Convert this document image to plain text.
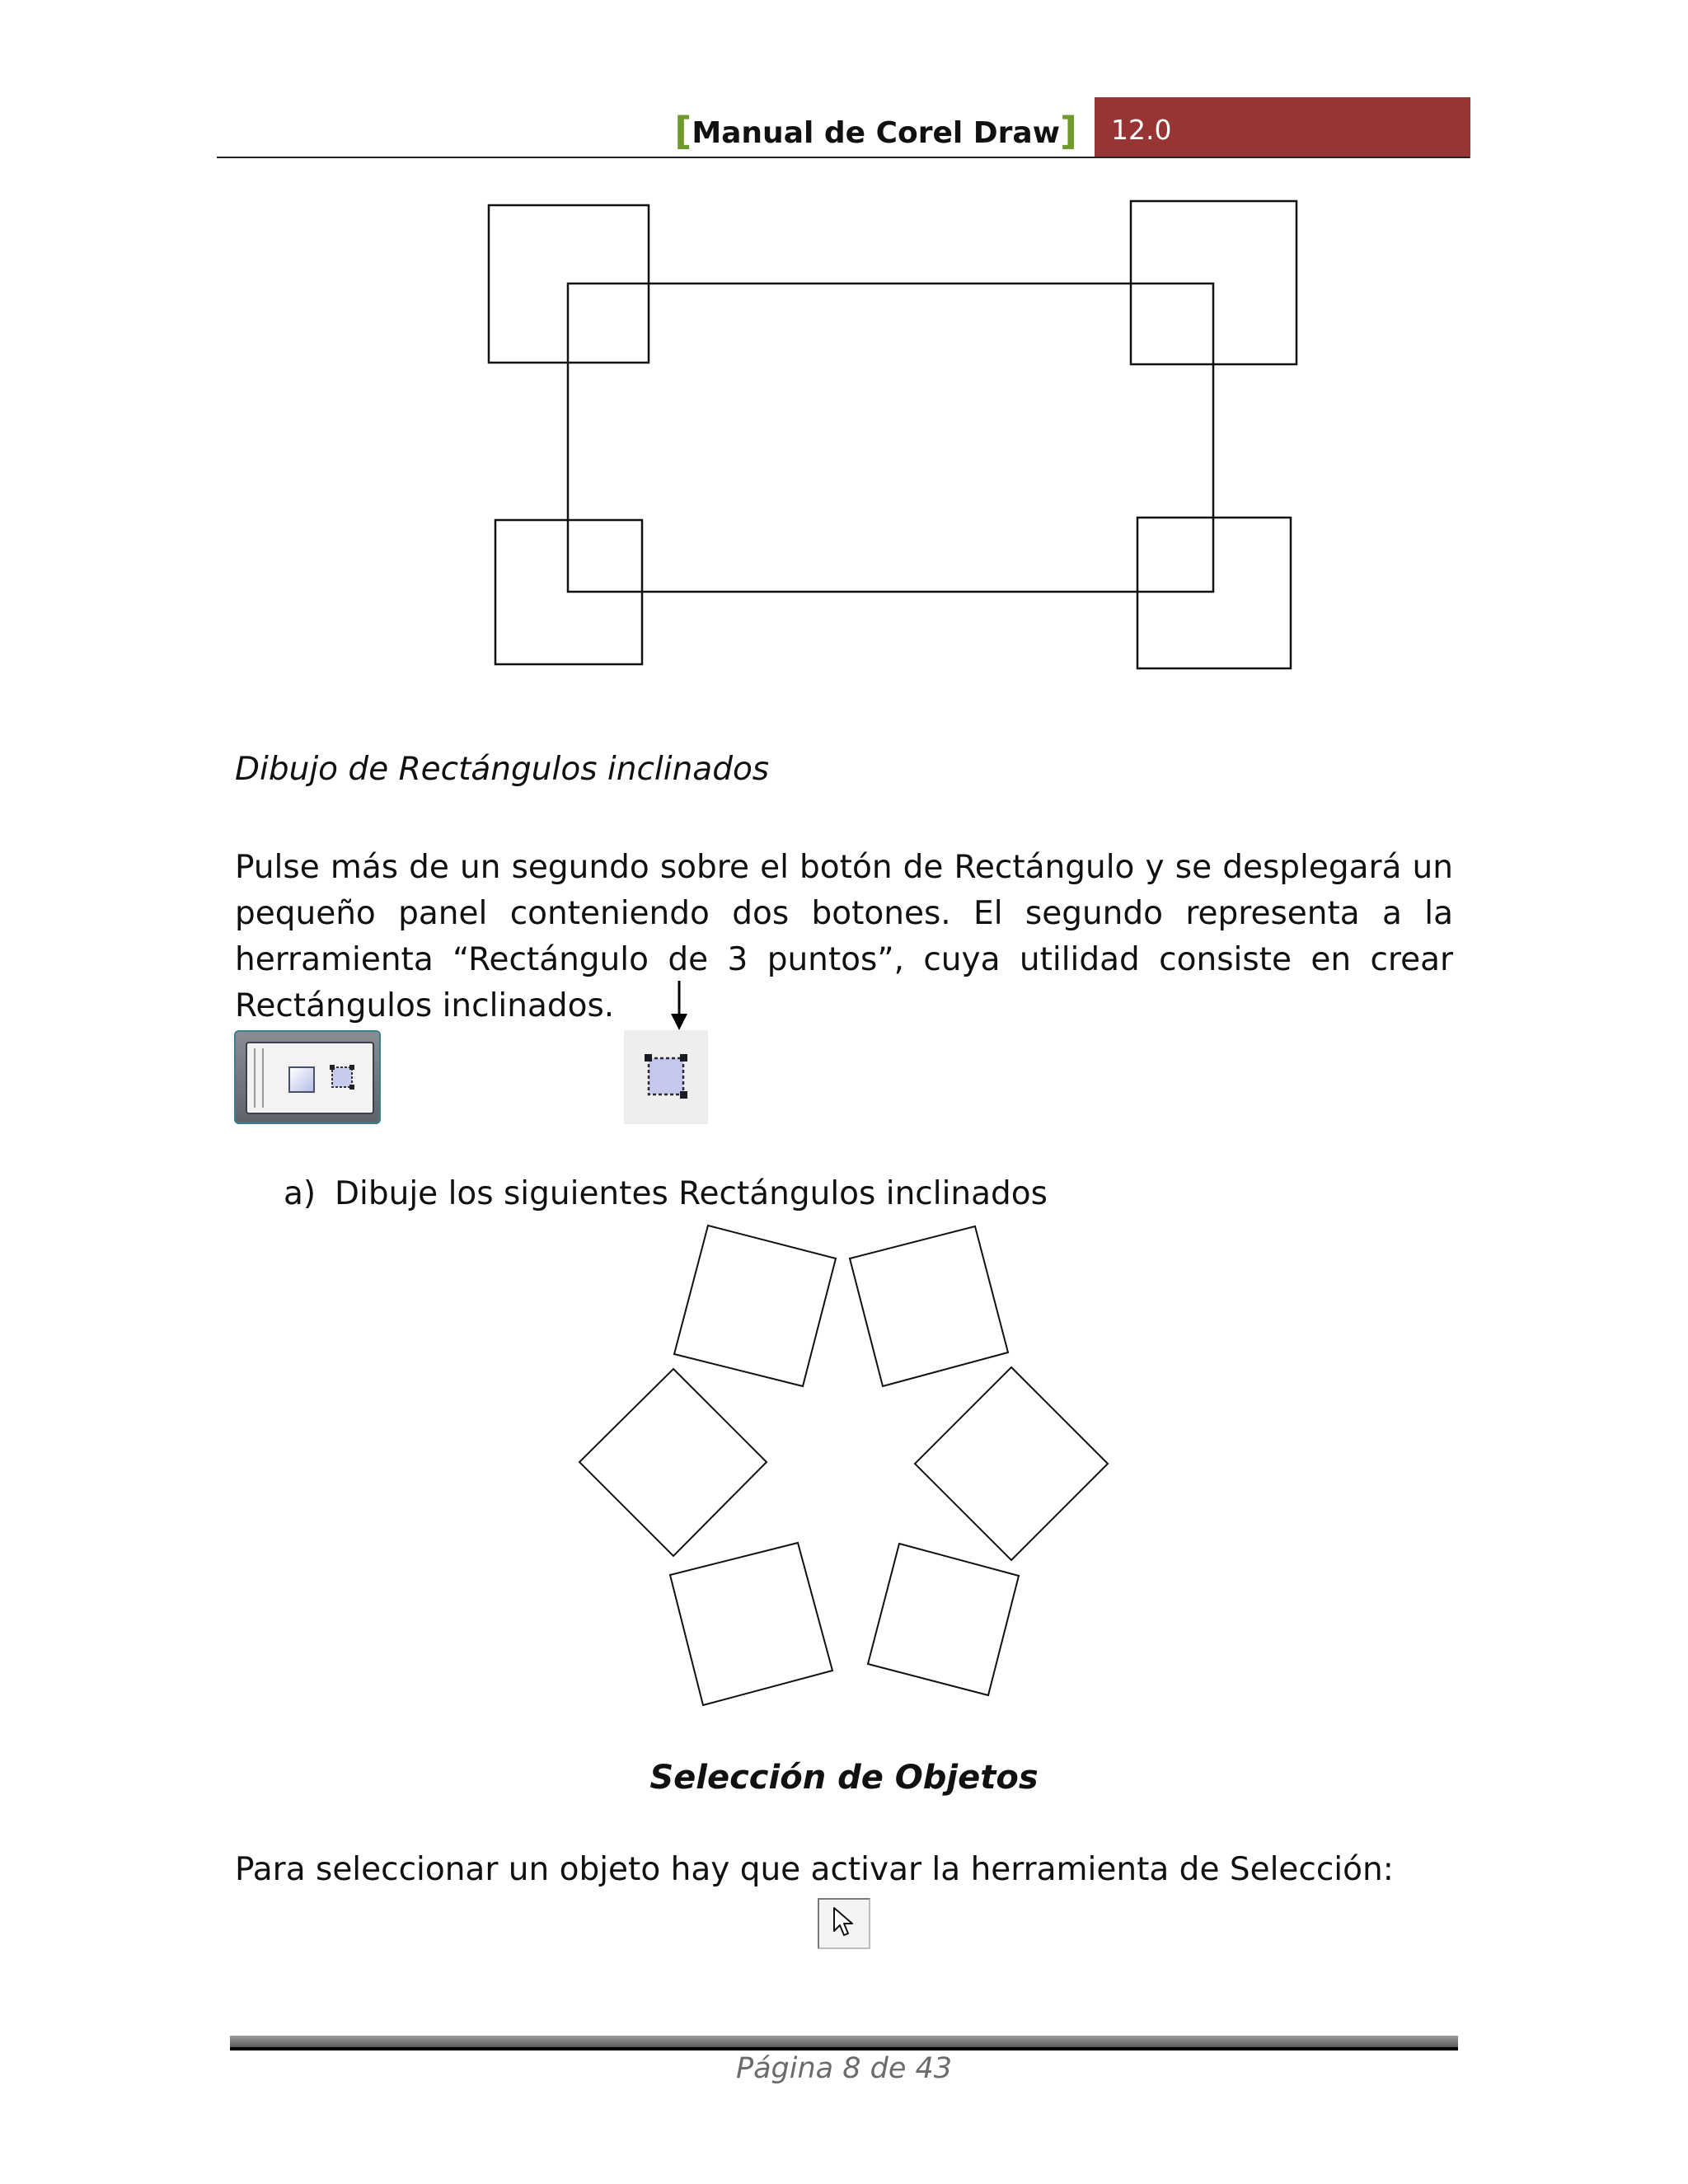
[Manual de Corel Draw] 12.0
Dibujo de Rectángulos inclinados
Pulse más de un segundo sobre el botón de Rectángulo y se desplegará un pequeño panel conteniendo dos botones. El segundo representa a la herramienta “Rectángulo de 3 puntos”, cuya utilidad consiste en crear Rectángulos inclinados.
a) Dibuje los siguientes Rectángulos inclinados
Selección de Objetos
Para seleccionar un objeto hay que activar la herramienta de Selección:
Página 8 de 43
